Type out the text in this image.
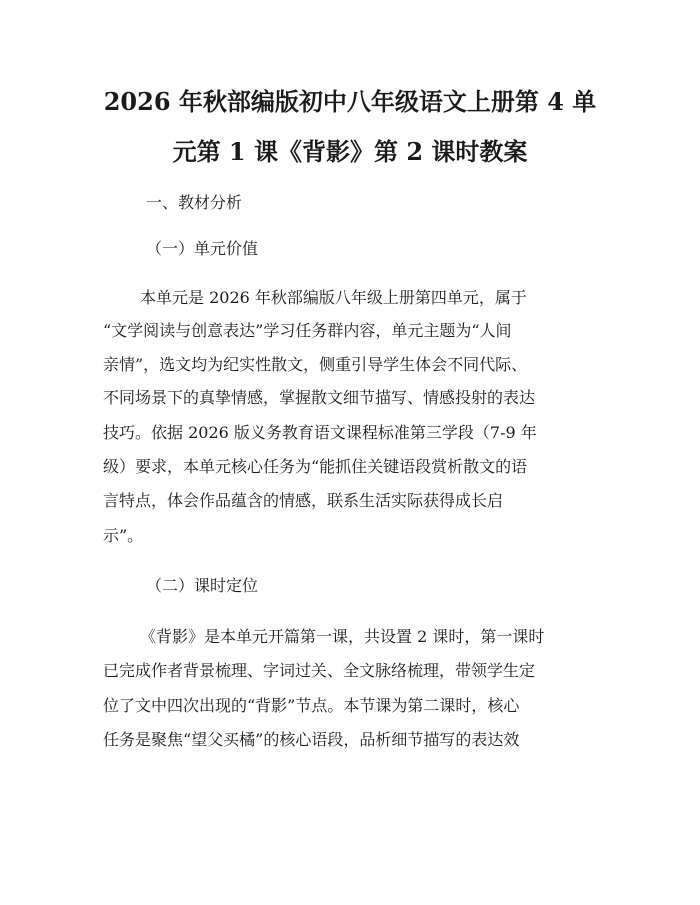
2026 年秋部编版初中八年级语文上册第 4 单
元第 1 课《背影》第 2 课时教案
一、教材分析
（一）单元价值
本单元是 2026 年秋部编版八年级上册第四单元，属于
“文学阅读与创意表达”学习任务群内容，单元主题为“人间
亲情”，选文均为纪实性散文，侧重引导学生体会不同代际、
不同场景下的真挚情感，掌握散文细节描写、情感投射的表达
技巧。依据 2026 版义务教育语文课程标准第三学段（7-9 年
级）要求，本单元核心任务为“能抓住关键语段赏析散文的语
言特点，体会作品蕴含的情感，联系生活实际获得成长启
示”。
（二）课时定位
《背影》是本单元开篇第一课，共设置 2 课时，第一课时
已完成作者背景梳理、字词过关、全文脉络梳理，带领学生定
位了文中四次出现的“背影”节点。本节课为第二课时，核心
任务是聚焦“望父买橘”的核心语段，品析细节描写的表达效
